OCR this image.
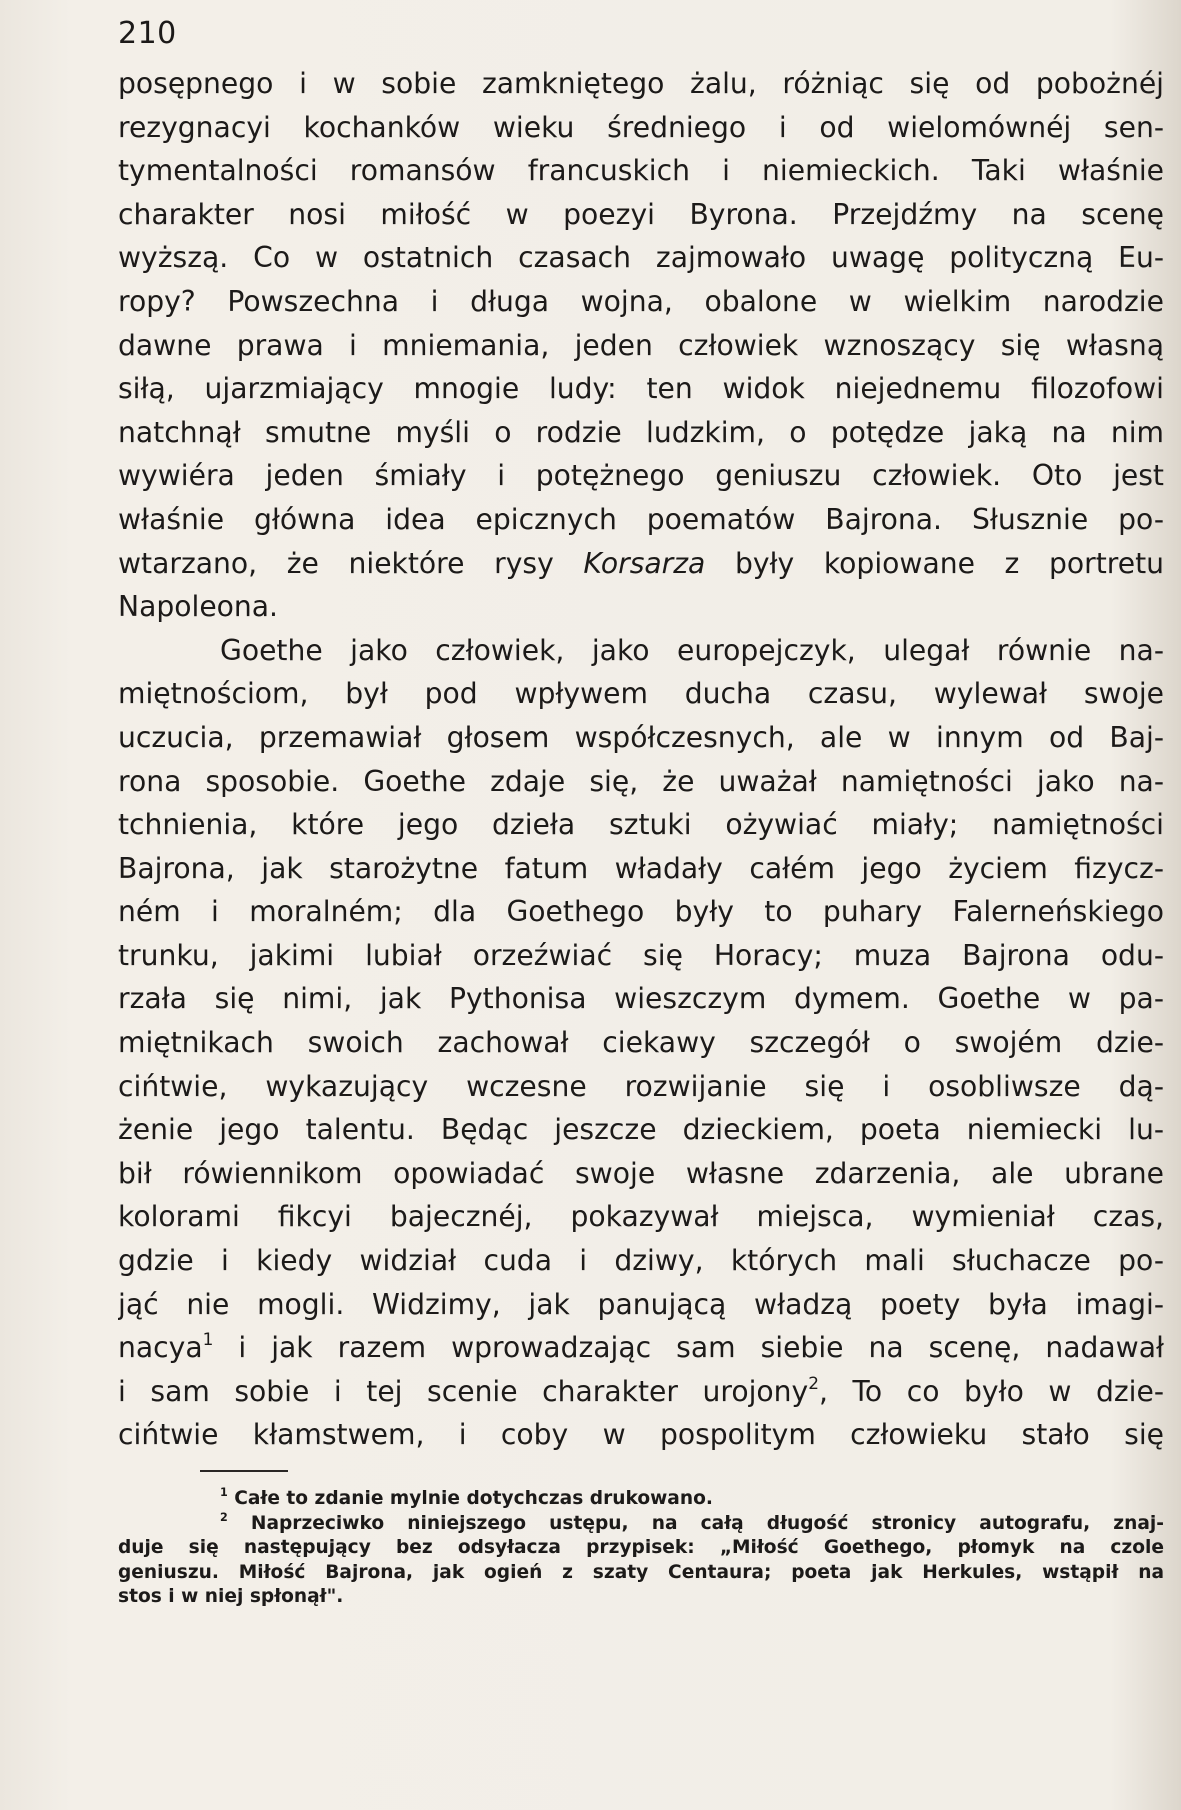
210
posępnego i w sobie zamkniętego żalu, różniąc się od pobożnéj
rezygnacyi kochanków wieku średniego i od wielomównéj sen-
tymentalności romansów francuskich i niemieckich. Taki właśnie
charakter nosi miłość w poezyi Byrona. Przejdźmy na scenę
wyższą. Co w ostatnich czasach zajmowało uwagę polityczną Eu-
ropy? Powszechna i długa wojna, obalone w wielkim narodzie
dawne prawa i mniemania, jeden człowiek wznoszący się własną
siłą, ujarzmiający mnogie ludy: ten widok niejednemu filozofowi
natchnął smutne myśli o rodzie ludzkim, o potędze jaką na nim
wywiéra jeden śmiały i potężnego geniuszu człowiek. Oto jest
właśnie główna idea epicznych poematów Bajrona. Słusznie po-
wtarzano, że niektóre rysy Korsarza były kopiowane z portretu
Napoleona.
Goethe jako człowiek, jako europejczyk, ulegał równie na-
miętnościom, był pod wpływem ducha czasu, wylewał swoje
uczucia, przemawiał głosem współczesnych, ale w innym od Baj-
rona sposobie. Goethe zdaje się, że uważał namiętności jako na-
tchnienia, które jego dzieła sztuki ożywiać miały; namiętności
Bajrona, jak starożytne fatum władały całém jego życiem fizycz-
ném i moralném; dla Goethego były to puhary Falerneńskiego
trunku, jakimi lubiał orzeźwiać się Horacy; muza Bajrona odu-
rzała się nimi, jak Pythonisa wieszczym dymem. Goethe w pa-
miętnikach swoich zachował ciekawy szczegół o swojém dzie-
cińtwie, wykazujący wczesne rozwijanie się i osobliwsze dą-
żenie jego talentu. Będąc jeszcze dzieckiem, poeta niemiecki lu-
bił rówiennikom opowiadać swoje własne zdarzenia, ale ubrane
kolorami fikcyi bajecznéj, pokazywał miejsca, wymieniał czas,
gdzie i kiedy widział cuda i dziwy, których mali słuchacze po-
jąć nie mogli. Widzimy, jak panującą władzą poety była imagi-
nacya$^1$ i jak razem wprowadzając sam siebie na scenę, nadawał
i sam sobie i tej scenie charakter urojony$^2$, To co było w dzie-
cińtwie kłamstwem, i coby w pospolitym człowieku stało się
$^1$ Całe to zdanie mylnie dotychczas drukowano.
$^2$ Naprzeciwko niniejszego ustępu, na całą długość stronicy autografu, znaj-
duje się następujący bez odsyłacza przypisek: „Miłość Goethego, płomyk na czole
geniuszu. Miłość Bajrona, jak ogień z szaty Centaura; poeta jak Herkules, wstąpił na
stos i w niej spłonął".
